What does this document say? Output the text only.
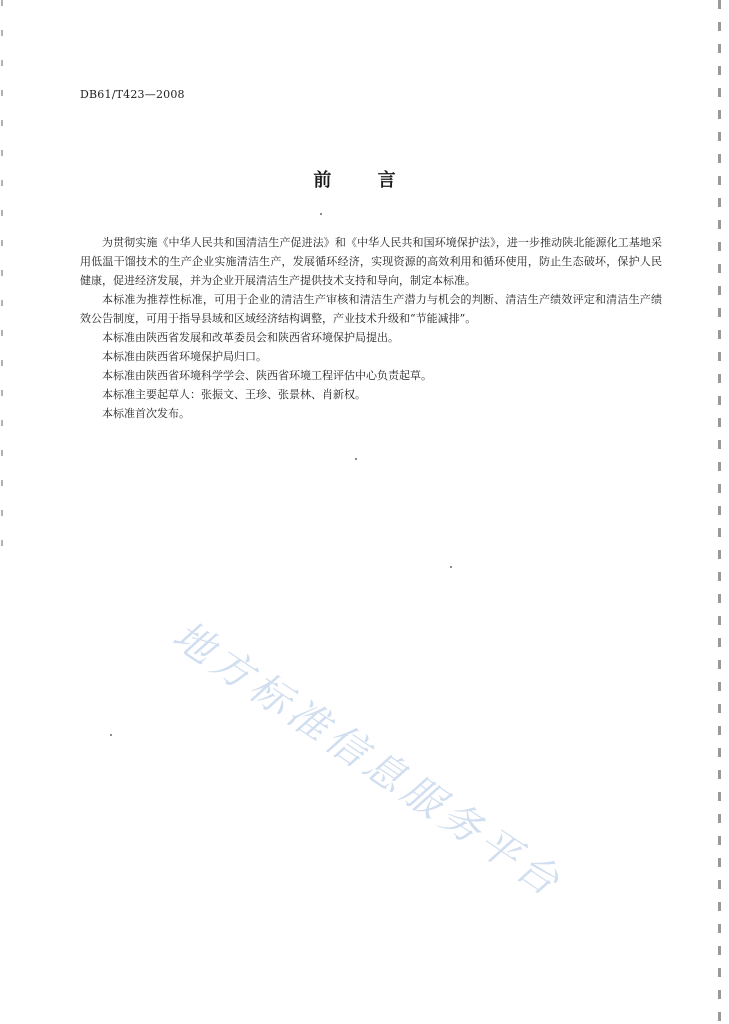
DB61/T423—2008
前 言

为贯彻实施《中华人民共和国清洁生产促进法》和《中华人民共和国环境保护法》，进一步推动陕北能源化工基地采用低温干馏技术的生产企业实施清洁生产，发展循环经济，实现资源的高效利用和循环使用，防止生态破坏，保护人民健康，促进经济发展，并为企业开展清洁生产提供技术支持和导向，制定本标准。

本标准为推荐性标准，可用于企业的清洁生产审核和清洁生产潜力与机会的判断、清洁生产绩效评定和清洁生产绩效公告制度，可用于指导县域和区域经济结构调整，产业技术升级和“节能减排”。

本标准由陕西省发展和改革委员会和陕西省环境保护局提出。

本标准由陕西省环境保护局归口。

本标准由陕西省环境科学学会、陕西省环境工程评估中心负责起草。

本标准主要起草人：张振文、王珍、张景林、肖新权。

本标准首次发布。

地方标准信息服务平台
